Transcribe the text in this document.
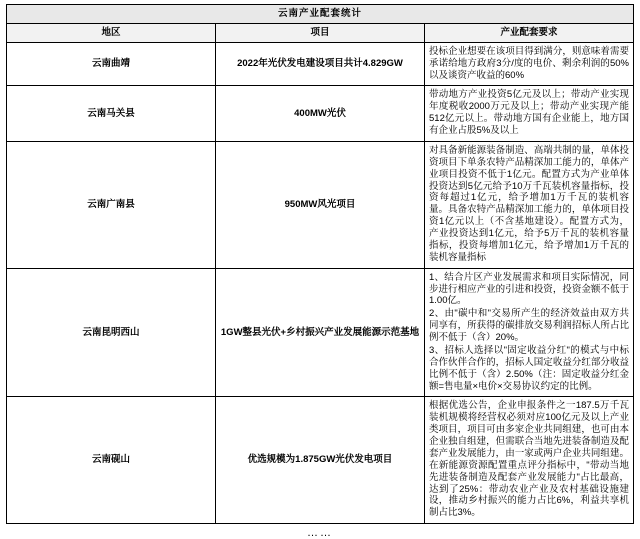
云南产业配套统计		
地区	项目	产业配套要求
云南曲靖	2022年光伏发电建设项目共计4.829GW	投标企业想要在该项目得到满分，则意味着需要承诺给地方政府3分/度的电价、剩余利润的50%以及谈资产收益的60%

云南马关县	400MW光伏	带动地方产业投资5亿元及以上；带动产业实现年度税收2000万元及以上；带动产业实现产能512亿元以上。带动地方国有企业能上，地方国有企业占股5%及以上

云南广南县	950MW风光项目	对具备新能源装备制造、高端共制的量，单体投资项目下单条农特产品精深加工能力的，单体产业项目投资不低于1亿元。配置方式为产业单体投资达到5亿元给予10万千瓦装机容量指标，投资每超过1亿元，给予增加1万千瓦的装机容量。具备农特产品精深加工能力的，单体项目投资1亿元以上（不含基地建设）。配置方式为，产业投资达到1亿元，给予5万千瓦的装机容量指标，投资每增加1亿元，给予增加1万千瓦的装机容量指标

云南昆明西山	1GW整县光伏+乡村振兴产业发展能源示范基地	1、结合片区产业发展需求和项目实际情况，同步进行相应产业的引进和投资，投资金额不低于1.00亿。

2、由"碳中和"交易所产生的经济效益由双方共同享有，所获得的碳排放交易利润招标人所占比例不低于（含）20%。

3、招标人选择以"固定收益分红"的模式与中标合作伙伴合作的，招标人国定收益分红部分收益比例不低于（含）2.50%（注：固定收益分红金额=售电量×电价×交易协议约定的比例。

云南砚山	优选规模为1.875GW光伏发电项目	根据优选公告，企业申报条件之一187.5万千瓦装机规模将经营权必须对应100亿元及以上产业类项目，项目可由多家企业共同组建，也可由本企业独自组建，但需联合当地先进装备制造及配套产业发展能力，由一家或两户企业共同组建。在新能源资源配置重点评分指标中，"带动当地先进装备制造及配套产业发展能力"占比最高，达到了25%：带动农业产业及农村基础设施建设，推动乡村振兴的能力占比6%，利益共享机制占比3%。

……
